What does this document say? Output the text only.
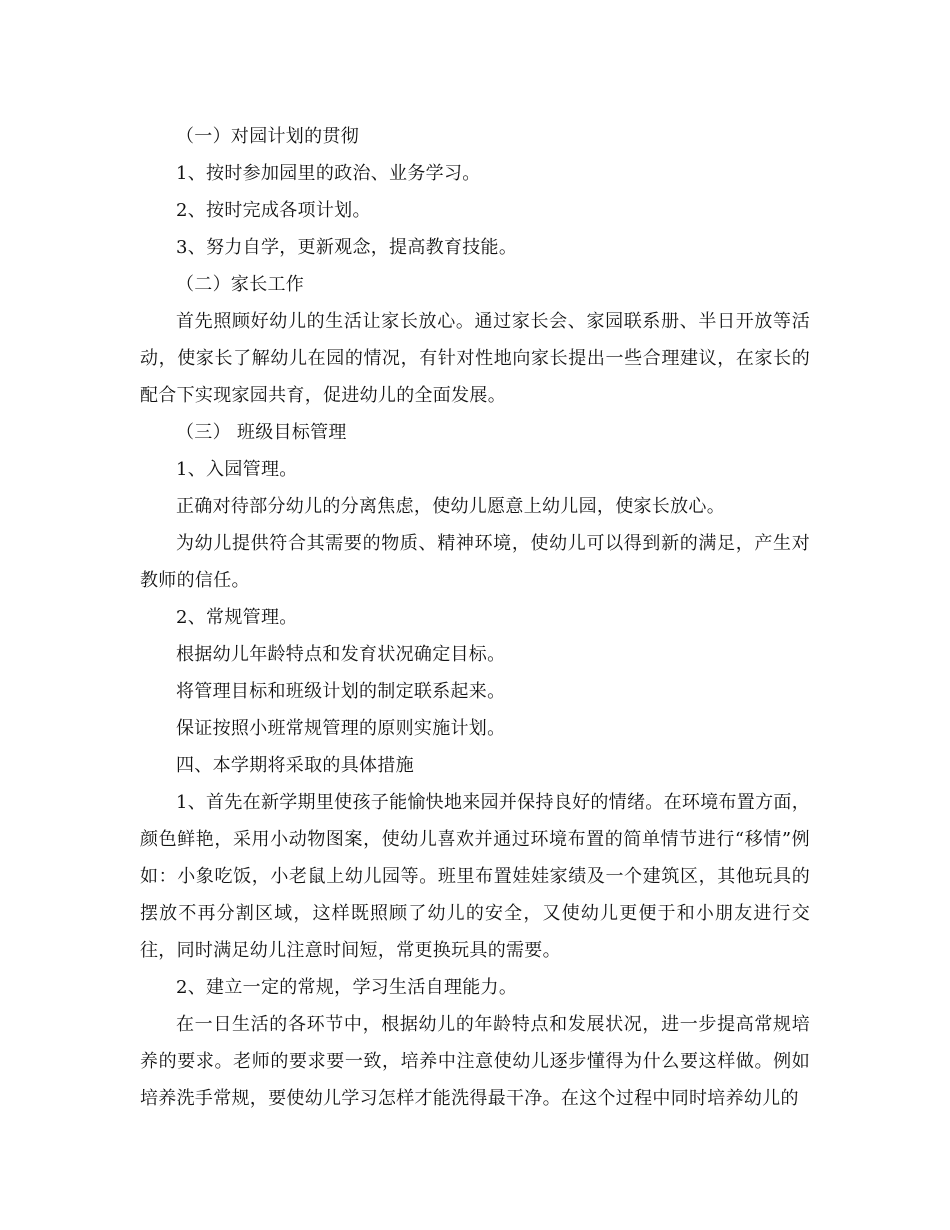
（一）对园计划的贯彻

1、按时参加园里的政治、业务学习。

2、按时完成各项计划。

3、努力自学，更新观念，提高教育技能。

（二）家长工作

首先照顾好幼儿的生活让家长放心。通过家长会、家园联系册、半日开放等活动，使家长了解幼儿在园的情况，有针对性地向家长提出一些合理建议，在家长的配合下实现家园共育，促进幼儿的全面发展。

（三） 班级目标管理

1、入园管理。

正确对待部分幼儿的分离焦虑，使幼儿愿意上幼儿园，使家长放心。

为幼儿提供符合其需要的物质、精神环境，使幼儿可以得到新的满足，产生对教师的信任。

2、常规管理。

根据幼儿年龄特点和发育状况确定目标。

将管理目标和班级计划的制定联系起来。

保证按照小班常规管理的原则实施计划。

四、本学期将采取的具体措施

1、首先在新学期里使孩子能愉快地来园并保持良好的情绪。在环境布置方面，颜色鲜艳，采用小动物图案，使幼儿喜欢并通过环境布置的简单情节进行“移情”例如：小象吃饭，小老鼠上幼儿园等。班里布置娃娃家绩及一个建筑区，其他玩具的摆放不再分割区域，这样既照顾了幼儿的安全，又使幼儿更便于和小朋友进行交往，同时满足幼儿注意时间短，常更换玩具的需要。

2、建立一定的常规，学习生活自理能力。

在一日生活的各环节中，根据幼儿的年龄特点和发展状况，进一步提高常规培养的要求。老师的要求要一致，培养中注意使幼儿逐步懂得为什么要这样做。例如培养洗手常规，要使幼儿学习怎样才能洗得最干净。在这个过程中同时培养幼儿的
